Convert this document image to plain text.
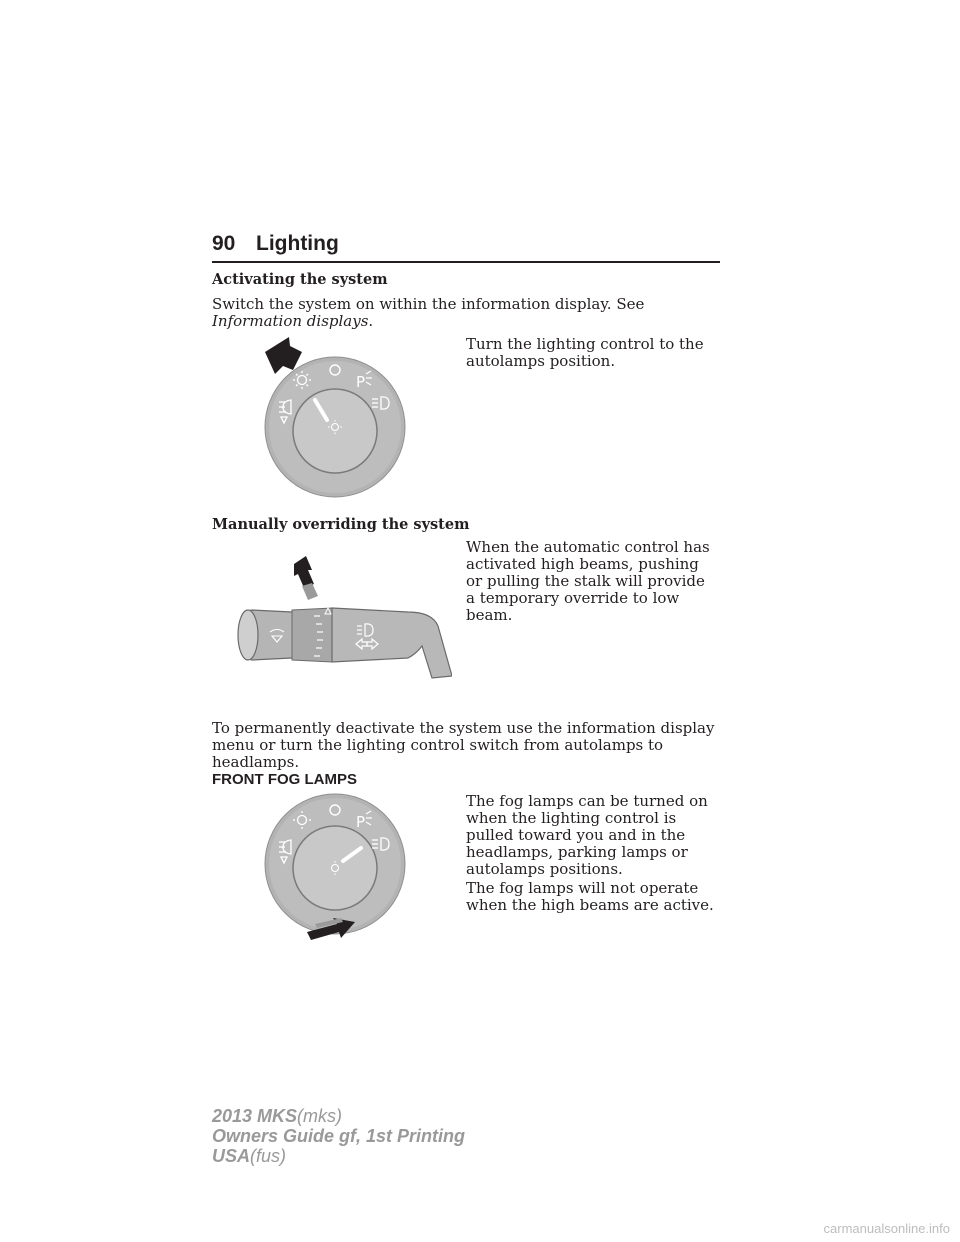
90 Lighting
Activating the system
Switch the system on within the information display. See Information displays.
Turn the lighting control to the autolamps position.
P
Manually overriding the system
When the automatic control has activated high beams, pushing or pulling the stalk will provide a temporary override to low beam.
To permanently deactivate the system use the information display menu or turn the lighting control switch from autolamps to headlamps.
FRONT FOG LAMPS
The fog lamps can be turned on when the lighting control is pulled toward you and in the headlamps, parking lamps or autolamps positions.
The fog lamps will not operate when the high beams are active.
P
2013 MKS(mks)
Owners Guide gf, 1st Printing
USA(fus)
carmanualsonline.info
